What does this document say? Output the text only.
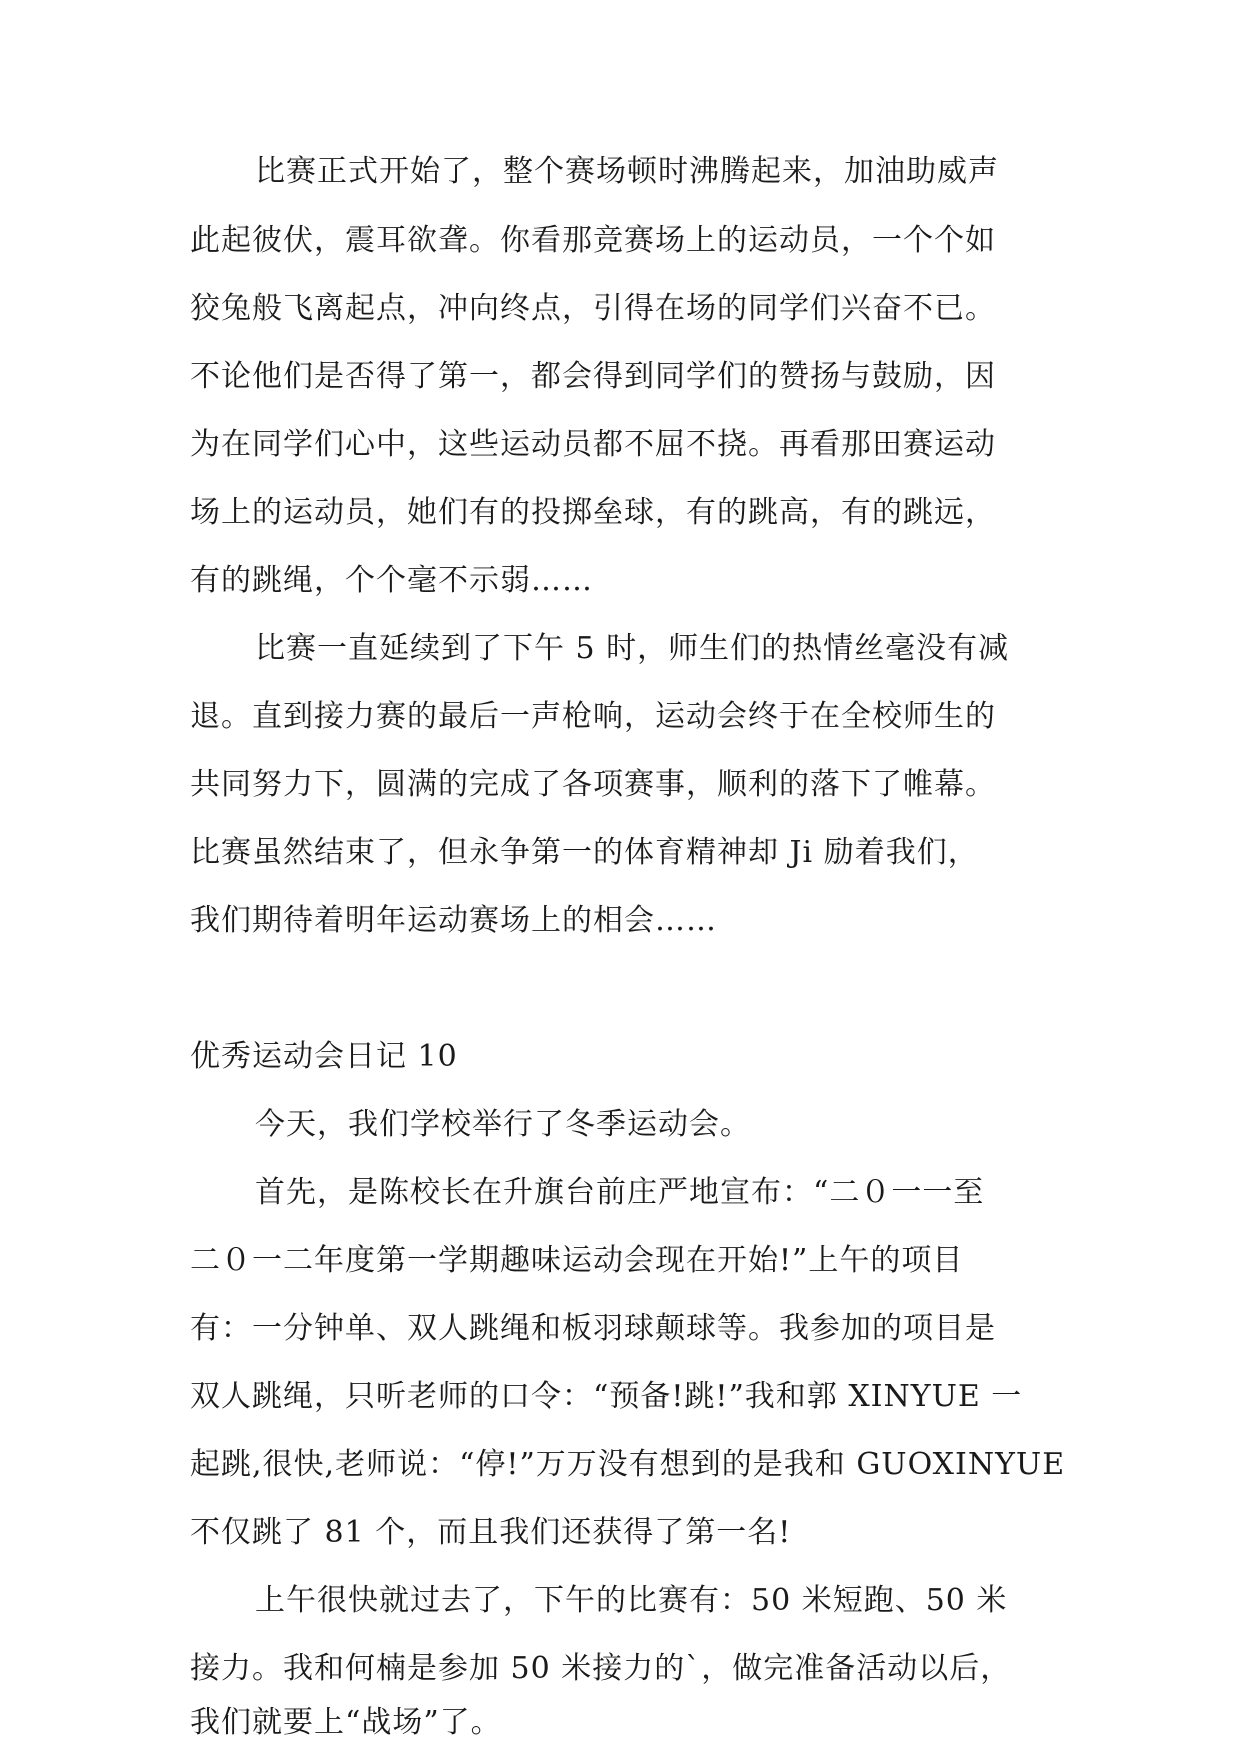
比赛正式开始了，整个赛场顿时沸腾起来，加油助威声
此起彼伏，震耳欲聋。你看那竞赛场上的运动员，一个个如
狡兔般飞离起点，冲向终点，引得在场的同学们兴奋不已。
不论他们是否得了第一，都会得到同学们的赞扬与鼓励，因
为在同学们心中，这些运动员都不屈不挠。再看那田赛运动
场上的运动员，她们有的投掷垒球，有的跳高，有的跳远，
有的跳绳，个个毫不示弱……
比赛一直延续到了下午 5 时，师生们的热情丝毫没有减
退。直到接力赛的最后一声枪响，运动会终于在全校师生的
共同努力下，圆满的完成了各项赛事，顺利的落下了帷幕。
比赛虽然结束了，但永争第一的体育精神却 Ji 励着我们，
我们期待着明年运动赛场上的相会……
优秀运动会日记 10
今天，我们学校举行了冬季运动会。
首先，是陈校长在升旗台前庄严地宣布：“二０一一至
二０一二年度第一学期趣味运动会现在开始!”上午的项目
有：一分钟单、双人跳绳和板羽球颠球等。我参加的项目是
双人跳绳，只听老师的口令：“预备!跳!”我和郭 XINYUE 一
起跳,很快,老师说：“停!”万万没有想到的是我和 GUOXINYUE
不仅跳了 81 个，而且我们还获得了第一名!
上午很快就过去了，下午的比赛有：50 米短跑、50 米
接力。我和何楠是参加 50 米接力的`，做完准备活动以后，
我们就要上“战场”了。
